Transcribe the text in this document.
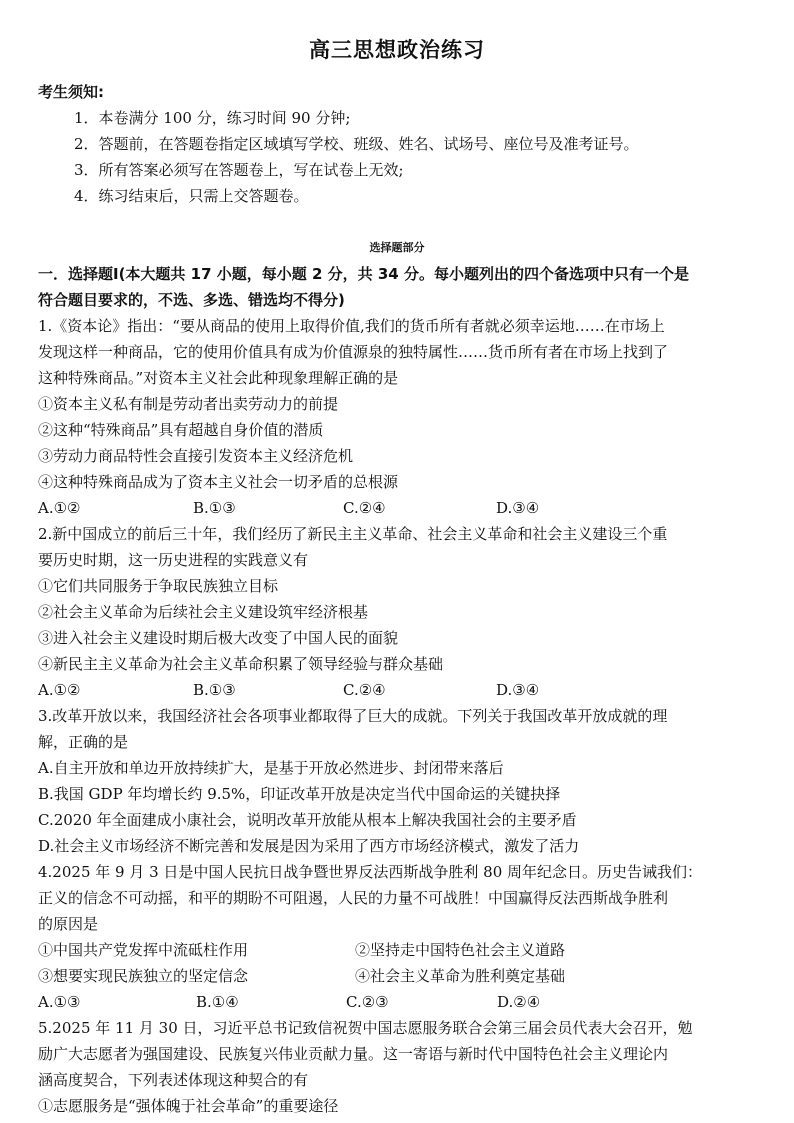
高三思想政治练习
考生须知:
1．本卷满分 100 分，练习时间 90 分钟;
2．答题前，在答题卷指定区域填写学校、班级、姓名、试场号、座位号及准考证号。
3．所有答案必须写在答题卷上，写在试卷上无效;
4．练习结束后，只需上交答题卷。
选择题部分
一．选择题Ⅰ(本大题共 17 小题，每小题 2 分，共 34 分。每小题列出的四个备选项中只有一个是
符合题目要求的，不选、多选、错选均不得分)
1.《资本论》指出：“要从商品的使用上取得价值,我们的货币所有者就必须幸运地……在市场上
发现这样一种商品，它的使用价值具有成为价值源泉的独特属性……货币所有者在市场上找到了
这种特殊商品。”对资本主义社会此种现象理解正确的是
①资本主义私有制是劳动者出卖劳动力的前提
②这种“特殊商品”具有超越自身价值的潜质
③劳动力商品特性会直接引发资本主义经济危机
④这种特殊商品成为了资本主义社会一切矛盾的总根源
A.①②	B.①③	C.②④	D.③④
2.新中国成立的前后三十年，我们经历了新民主主义革命、社会主义革命和社会主义建设三个重
要历史时期，这一历史进程的实践意义有
①它们共同服务于争取民族独立目标
②社会主义革命为后续社会主义建设筑牢经济根基
③进入社会主义建设时期后极大改变了中国人民的面貌
④新民主主义革命为社会主义革命积累了领导经验与群众基础
A.①②	B.①③	C.②④	D.③④
3.改革开放以来，我国经济社会各项事业都取得了巨大的成就。下列关于我国改革开放成就的理
解，正确的是
A.自主开放和单边开放持续扩大，是基于开放必然进步、封闭带来落后
B.我国 GDP 年均增长约 9.5%，印证改革开放是决定当代中国命运的关键抉择
C.2020 年全面建成小康社会，说明改革开放能从根本上解决我国社会的主要矛盾
D.社会主义市场经济不断完善和发展是因为采用了西方市场经济模式，激发了活力
4.2025 年 9 月 3 日是中国人民抗日战争暨世界反法西斯战争胜利 80 周年纪念日。历史告诫我们：
正义的信念不可动摇，和平的期盼不可阻遏，人民的力量不可战胜！中国赢得反法西斯战争胜利
的原因是
①中国共产党发挥中流砥柱作用	②坚持走中国特色社会主义道路
③想要实现民族独立的坚定信念	④社会主义革命为胜利奠定基础
A.①③	B.①④	C.②③	D.②④
5.2025 年 11 月 30 日，习近平总书记致信祝贺中国志愿服务联合会第三届会员代表大会召开，勉
励广大志愿者为强国建设、民族复兴伟业贡献力量。这一寄语与新时代中国特色社会主义理论内
涵高度契合，下列表述体现这种契合的有
①志愿服务是“强体魄于社会革命”的重要途径
